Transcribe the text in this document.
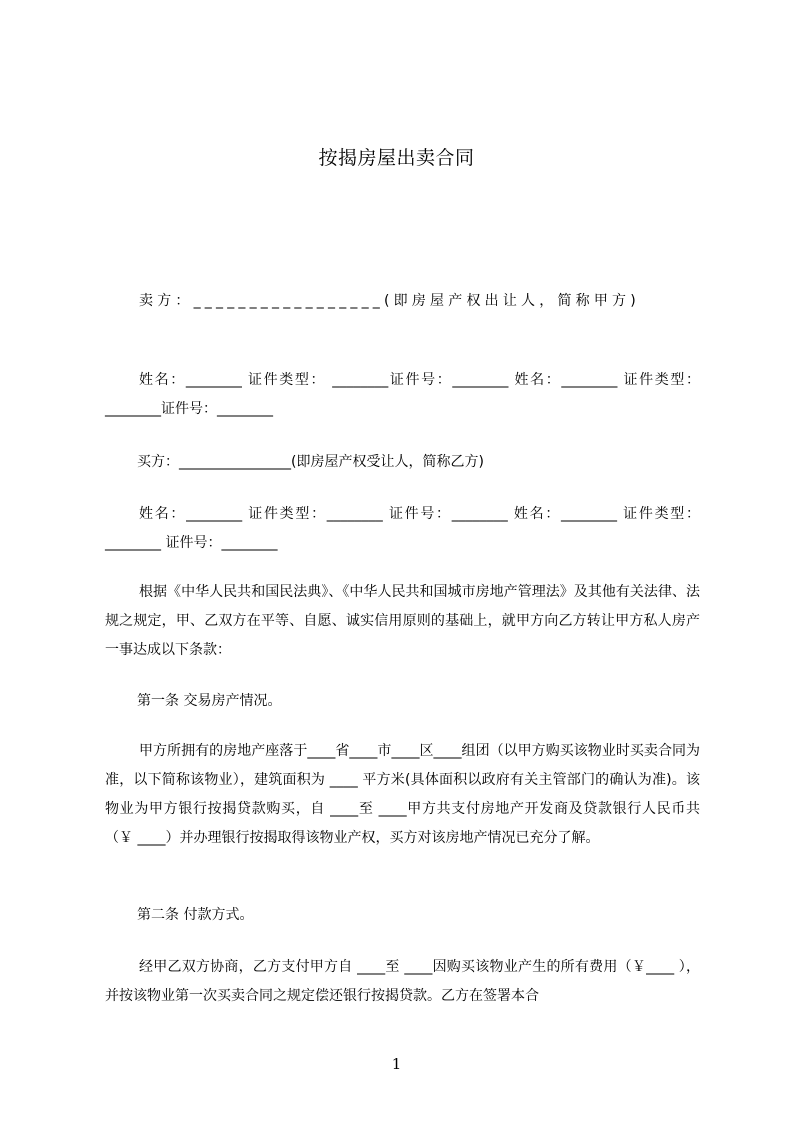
按揭房屋出卖合同
卖方：_________________(即房屋产权出让人，简称甲方)
姓名：________ 证件类型： ________证件号：________ 姓名：________ 证件类型： ________证件号：________
买方：________________(即房屋产权受让人，简称乙方)
姓名：________ 证件类型：________ 证件号：________ 姓名：________ 证件类型：________ 证件号：________
根据《中华人民共和国民法典》、《中华人民共和国城市房地产管理法》及其他有关法律、法规之规定，甲、乙双方在平等、自愿、诚实信用原则的基础上，就甲方向乙方转让甲方私人房产一事达成以下条款：
第一条 交易房产情况。
甲方所拥有的房地产座落于____省____市____区____组团（以甲方购买该物业时买卖合同为准，以下简称该物业），建筑面积为 ____ 平方米(具体面积以政府有关主管部门的确认为准)。该物业为甲方银行按揭贷款购买，自 ____至 ____甲方共支付房地产开发商及贷款银行人民币共 （￥ ____）并办理银行按揭取得该物业产权，买方对该房地产情况已充分了解。
第二条 付款方式。
经甲乙双方协商，乙方支付甲方自 ____至 ____因购买该物业产生的所有费用（￥____ ），并按该物业第一次买卖合同之规定偿还银行按揭贷款。乙方在签署本合
1
